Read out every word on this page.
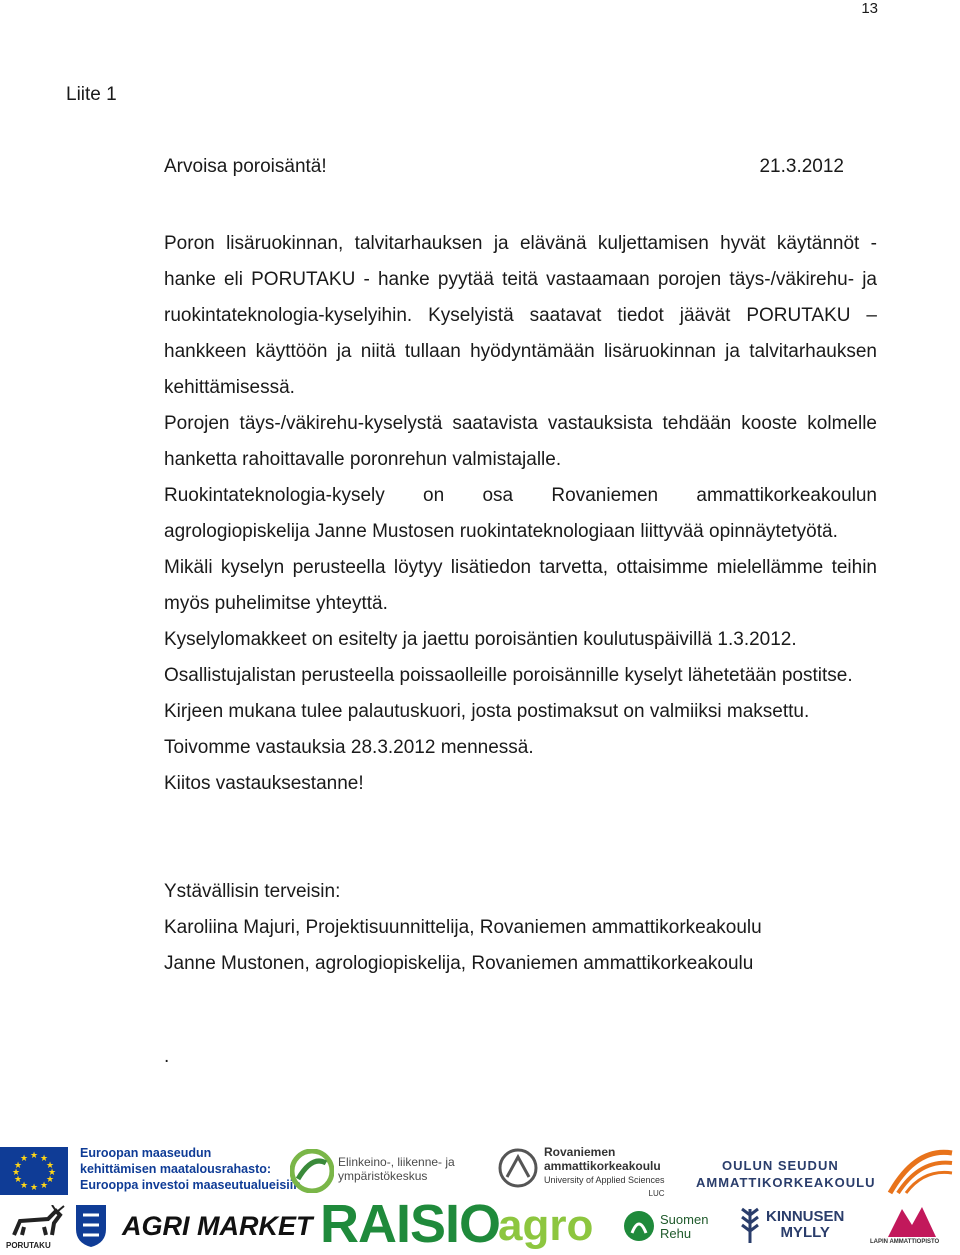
13
Liite 1
Arvoisa poroisäntä!	21.3.2012

Poron lisäruokinnan, talvitarhauksen ja elävänä kuljettamisen hyvät käytännöt -hanke eli PORUTAKU - hanke pyytää teitä vastaamaan porojen täys-/väkirehu- ja ruokintateknologia-kyselyihin. Kyselyistä saatavat tiedot jäävät PORUTAKU – hankkeen käyttöön ja niitä tullaan hyödyntämään lisäruokinnan ja talvitarhauksen kehittämisessä.

Porojen täys-/väkirehu-kyselystä saatavista vastauksista tehdään kooste kolmelle hanketta rahoittavalle poronrehun valmistajalle.

Ruokintateknologia-kysely on osa Rovaniemen ammattikorkeakoulun agrologiopiskelija Janne Mustosen ruokintateknologiaan liittyvää opinnäytetyötä.

Mikäli kyselyn perusteella löytyy lisätiedon tarvetta, ottaisimme mielellämme teihin myös puhelimitse yhteyttä.

Kyselylomakkeet on esitelty ja jaettu poroisäntien koulutuspäivillä 1.3.2012.

Osallistujalistan perusteella poissaolleille poroisännille kyselyt lähetetään postitse.

Kirjeen mukana tulee palautuskuori, josta postimaksut on valmiiksi maksettu.

Toivomme vastauksia 28.3.2012 mennessä.

Kiitos vastauksestanne!

Ystävällisin terveisin:

Karoliina Majuri, Projektisuunnittelija, Rovaniemen ammattikorkeakoulu

Janne Mustonen, agrologiopiskelija, Rovaniemen ammattikorkeakoulu

.
★ ★
★
★
★
★
★
★
★
★
★
★	Euroopan maaseudun
kehittämisen maatalousrahasto:
Eurooppa investoi maaseutualueisiin
Elinkeino-, liikenne- ja
ympäristökeskus
Rovaniemen
ammattikorkeakoulu
University of Applied Sciences
LUC
OULUN SEUDUN
AMMATTIKORKEAKOULU
PORUTAKU
AGRI MARKET RAISIO
agro	Suomen
Rehu
KINNUSEN
MYLLY
LAPIN AMMATTIOPISTO
